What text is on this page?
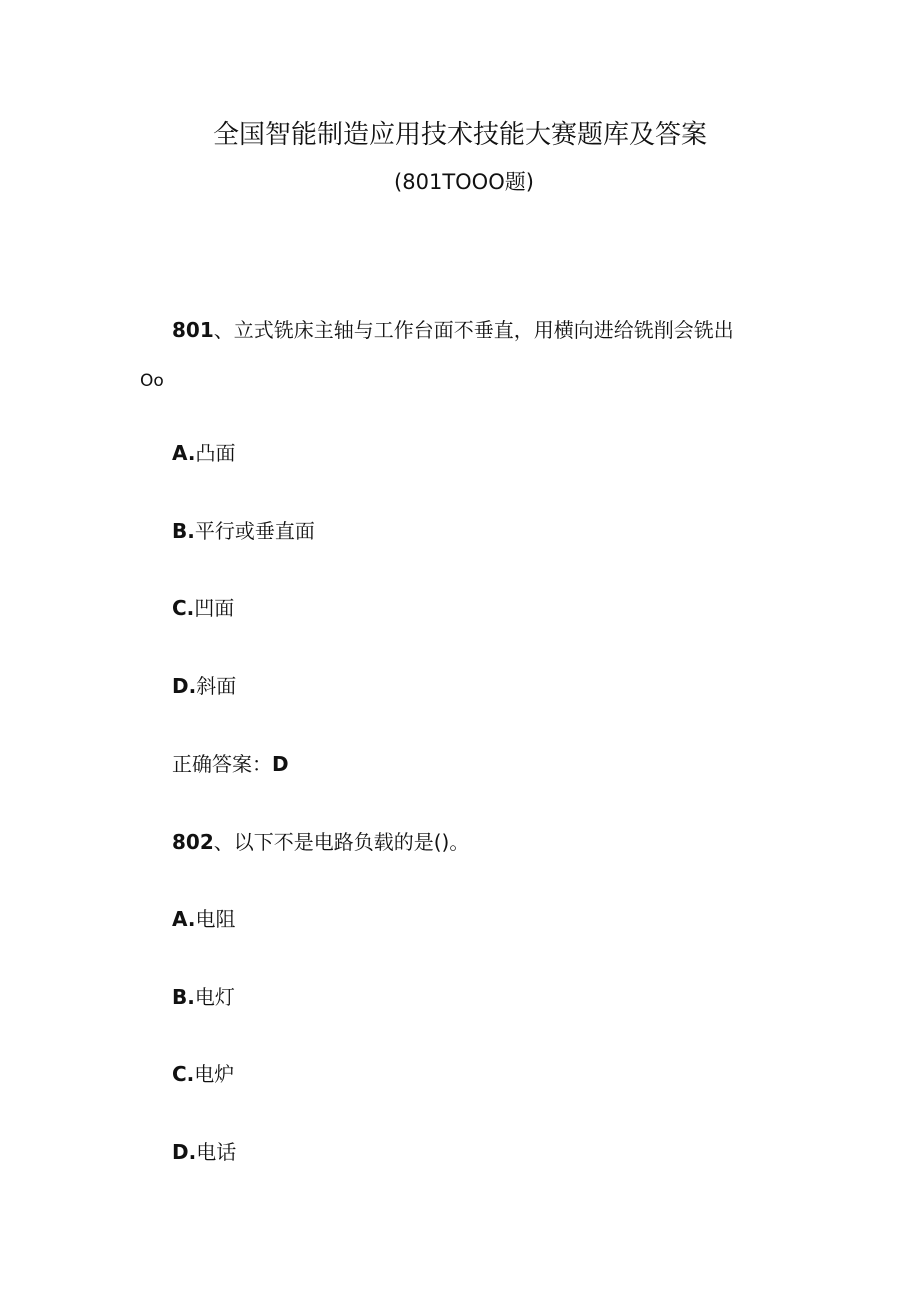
全国智能制造应用技术技能大赛题库及答案
(801TOOO题)
801、立式铣床主轴与工作台面不垂直，用横向进给铣削会铣出
Oo
A.凸面
B.平行或垂直面
C.凹面
D.斜面
正确答案：D
802、以下不是电路负载的是()。
A.电阻
B.电灯
C.电炉
D.电话
